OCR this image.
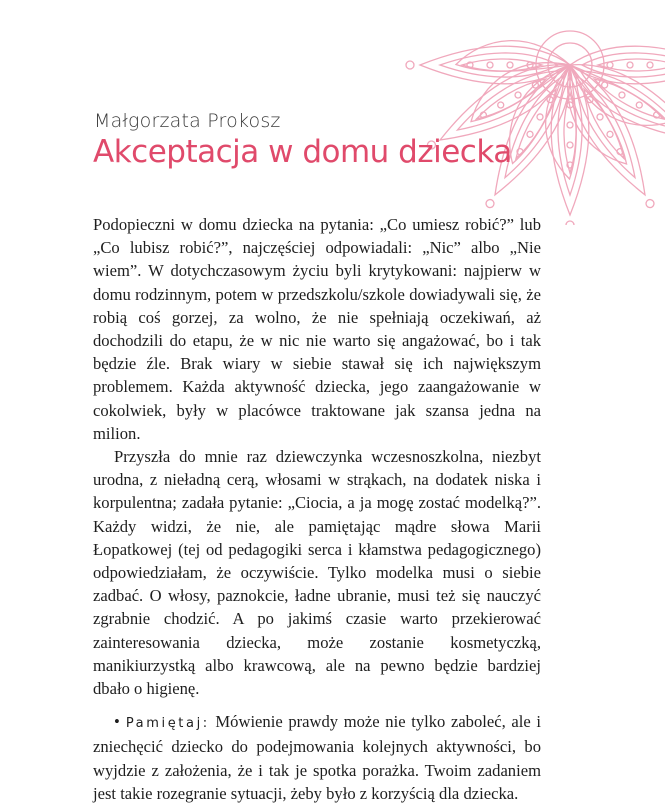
Małgorzata Prokosz
Akceptacja w domu dziecka

Podopieczni w domu dziecka na pytania: „Co umiesz robić?” lub „Co lubisz robić?”, najczęściej odpowiadali: „Nic” albo „Nie wiem”. W dotychczasowym życiu byli krytykowani: najpierw w domu rodzinnym, potem w przedszkolu/szkole dowiadywali się, że robią coś gorzej, za wolno, że nie spełniają oczekiwań, aż dochodzili do etapu, że w nic nie warto się angażować, bo i tak będzie źle. Brak wiary w siebie stawał się ich największym problemem. Każda aktywność dziecka, jego zaangażowanie w cokolwiek, były w placówce traktowane jak szansa jedna na milion.

Przyszła do mnie raz dziewczynka wczesnoszkolna, niezbyt urodna, z nieładną cerą, włosami w strąkach, na dodatek niska i korpulentna; zadała pytanie: „Ciocia, a ja mogę zostać modelką?”. Każdy widzi, że nie, ale pamiętając mądre słowa Marii Łopatkowej (tej od pedagogiki serca i kłamstwa pedagogicznego) odpowiedziałam, że oczywiście. Tylko modelka musi o siebie zadbać. O włosy, paznokcie, ładne ubranie, musi też się nauczyć zgrabnie chodzić. A po jakimś czasie warto przekierować zainteresowania dziecka, może zostanie kosmetyczką, manikiurzystką albo krawcową, ale na pewno będzie bardziej dbało o higienę.

• Pamiętaj: Mówienie prawdy może nie tylko zaboleć, ale i zniechęcić dziecko do podejmowania kolejnych aktywności, bo wyjdzie z założenia, że i tak je spotka porażka. Twoim zadaniem jest takie rozegranie sytuacji, żeby było z korzyścią dla dziecka.
